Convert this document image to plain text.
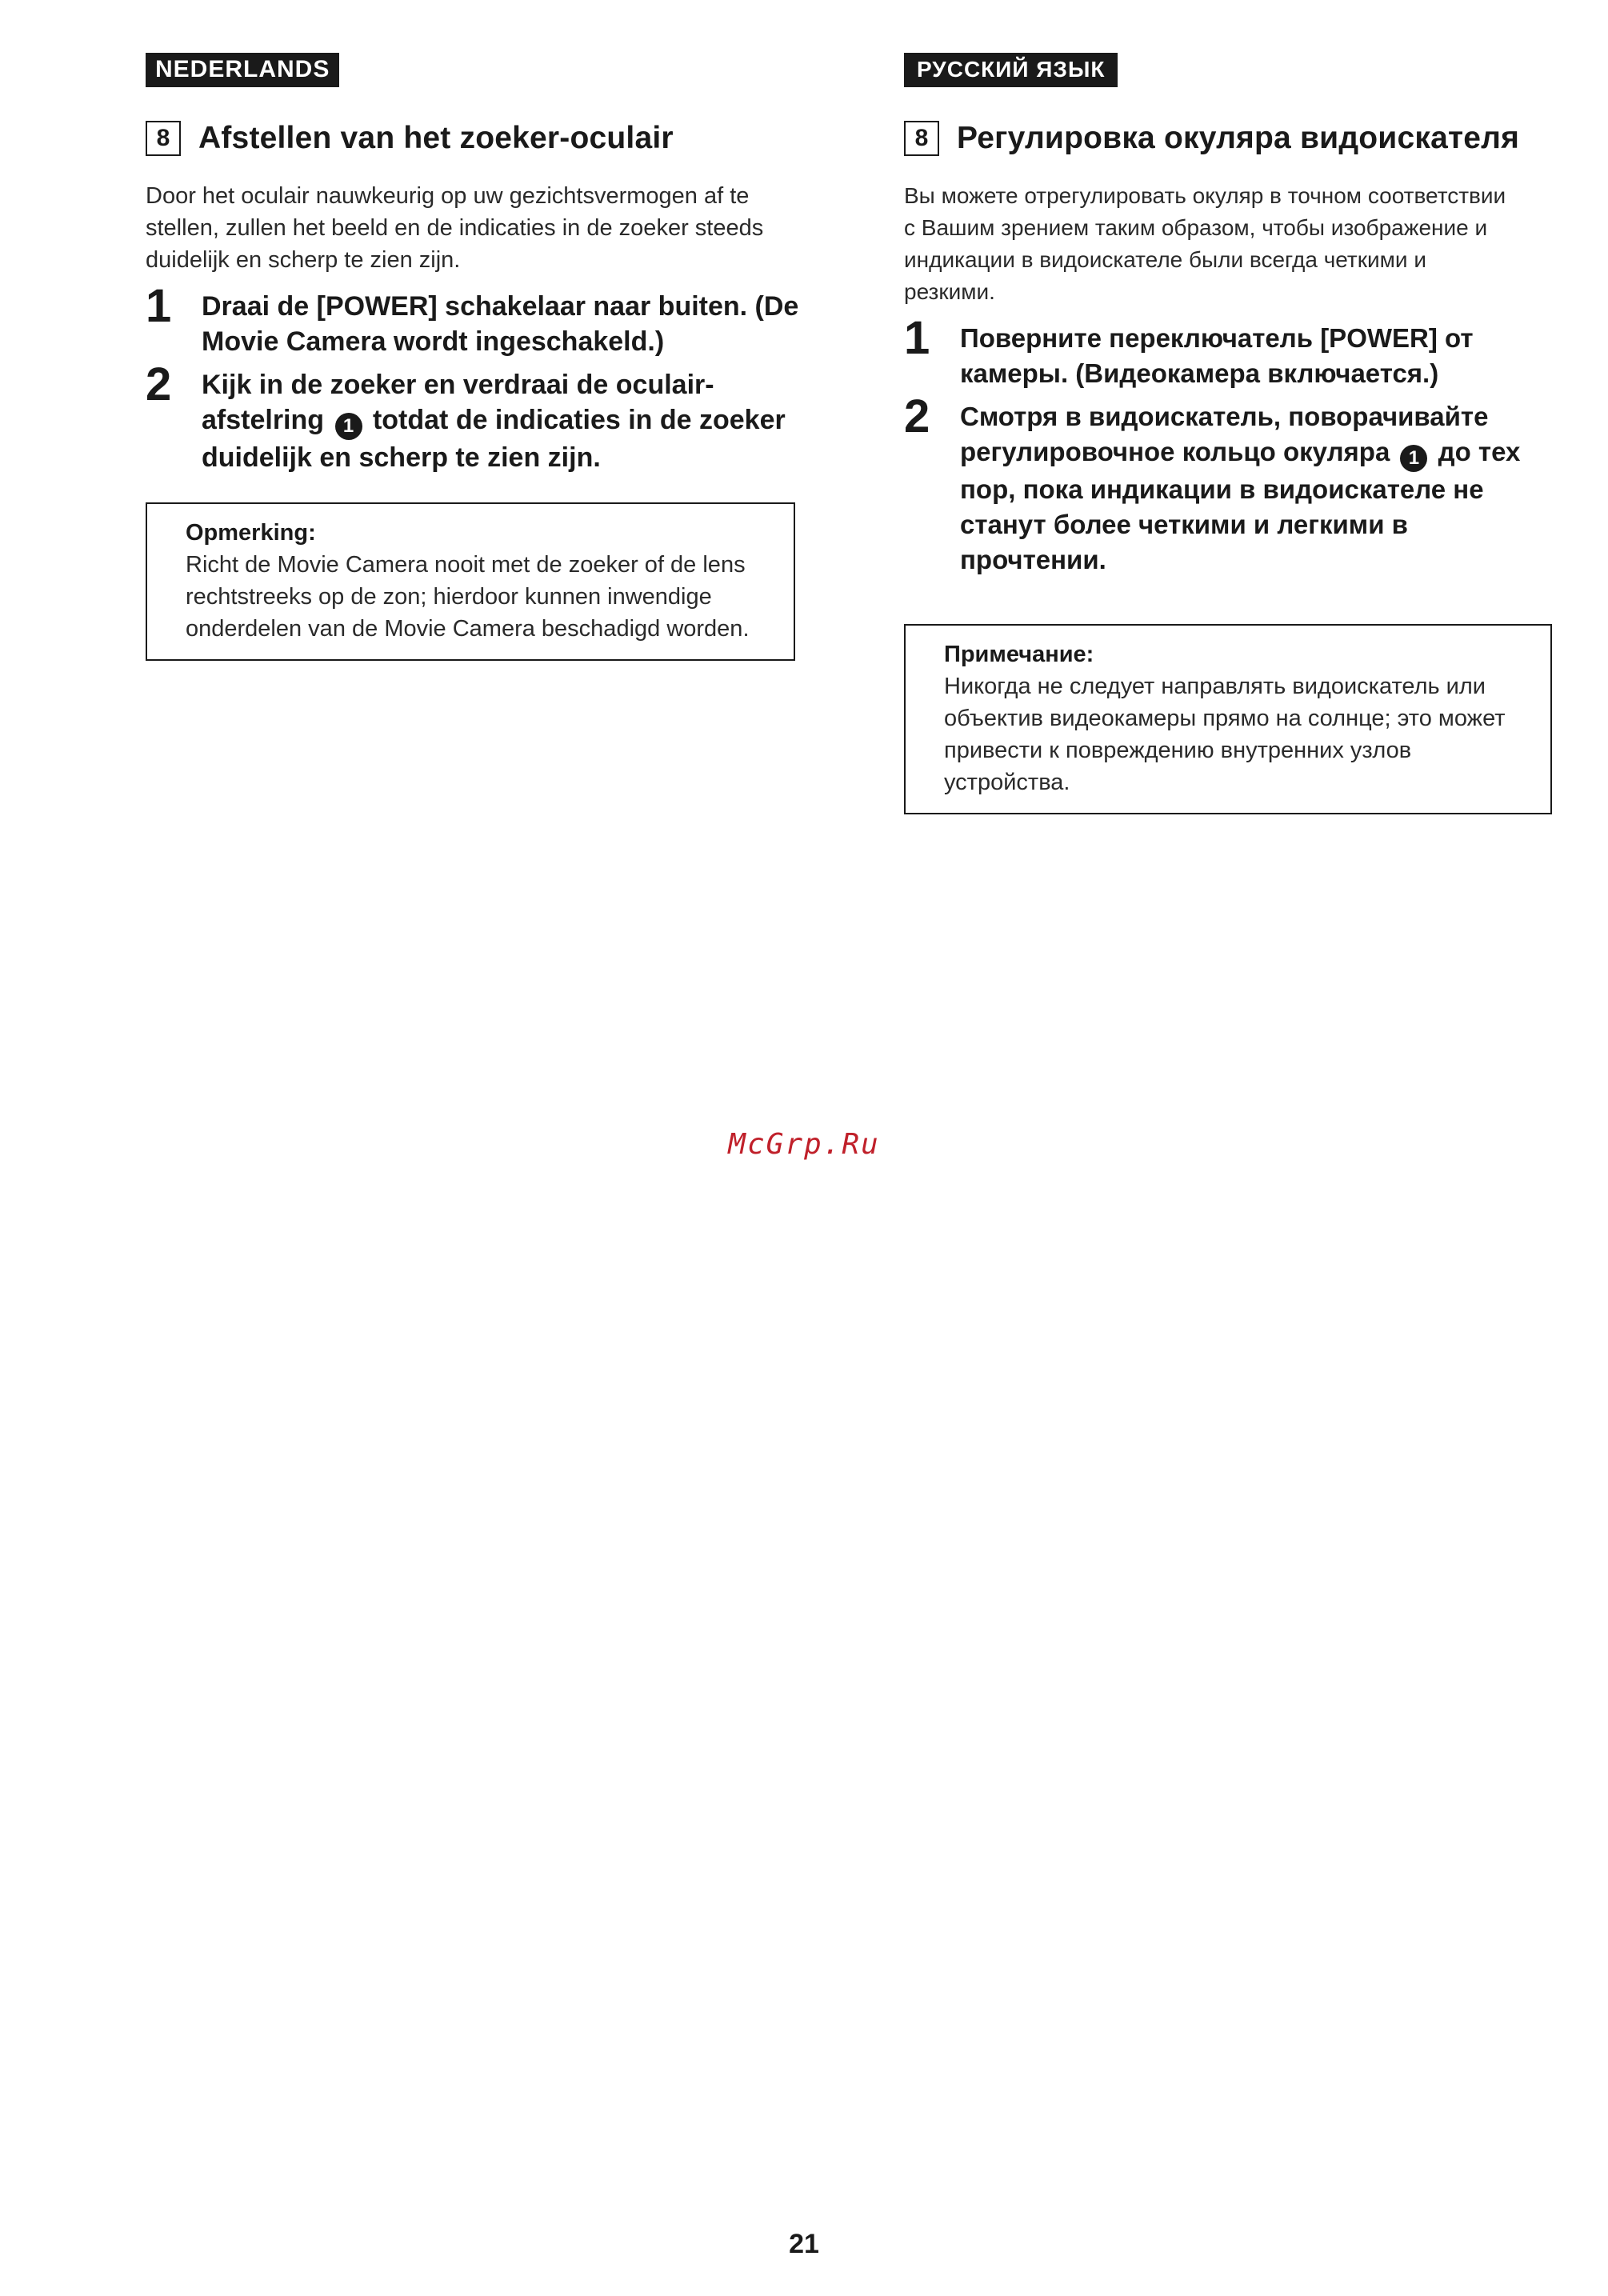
NEDERLANDS
8 Afstellen van het zoeker-oculair

Door het oculair nauwkeurig op uw gezichtsvermogen af te stellen, zullen het beeld en de indicaties in de zoeker steeds duidelijk en scherp te zien zijn.

1	Draai de [POWER] schakelaar naar buiten. (De Movie Camera wordt ingeschakeld.)
2	Kijk in de zoeker en verdraai de oculair-afstelring 1 totdat de indicaties in de zoeker duidelijk en scherp te zien zijn.
Opmerking:
Richt de Movie Camera nooit met de zoeker of de lens rechtstreeks op de zon; hierdoor kunnen inwendige onderdelen van de Movie Camera beschadigd worden.
РУССКИЙ ЯЗЫК
8 Регулировка окуляра видоискателя

Вы можете отрегулировать окуляр в точном соответствии с Вашим зрением таким образом, чтобы изображение и индикации в видоискателе были всегда четкими и резкими.

1	Поверните переключатель [POWER] от камеры. (Видеокамера включается.)
2	Смотря в видоискатель, поворачивайте регулировочное кольцо окуляра 1 до тех пор, пока индикации в видоискателе не станут более четкими и легкими в прочтении.
Примечание:
Никогда не следует направлять видоискатель или объектив видеокамеры прямо на солнце; это может привести к повреждению внутренних узлов устройства.
McGrp.Ru
21
